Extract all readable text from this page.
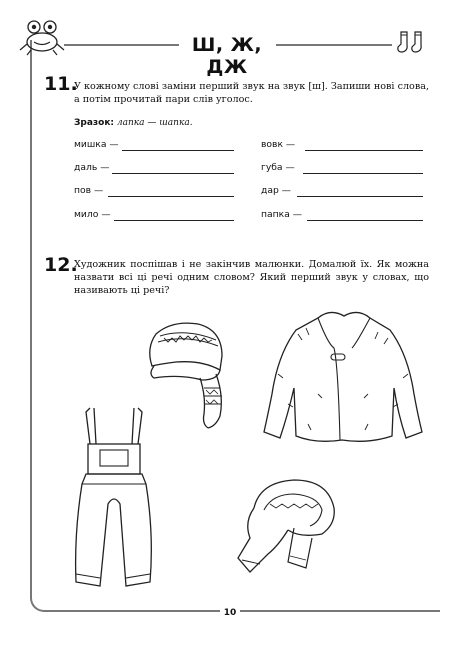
Ш, Ж, ДЖ
11.
У кожному слові заміни перший звук на звук [ш]. Запиши нові слова, а потім прочитай пари слів уголос.
Зразок: лапка — шапка.
мишка —
даль —
пов —
мило —
вовк —
губа —
дар —
папка —
12.
Художник поспішав і не закінчив малюнки. Домалюй їх. Як можна назвати всі ці речі одним словом? Який перший звук у словах, що називають ці речі?
10
